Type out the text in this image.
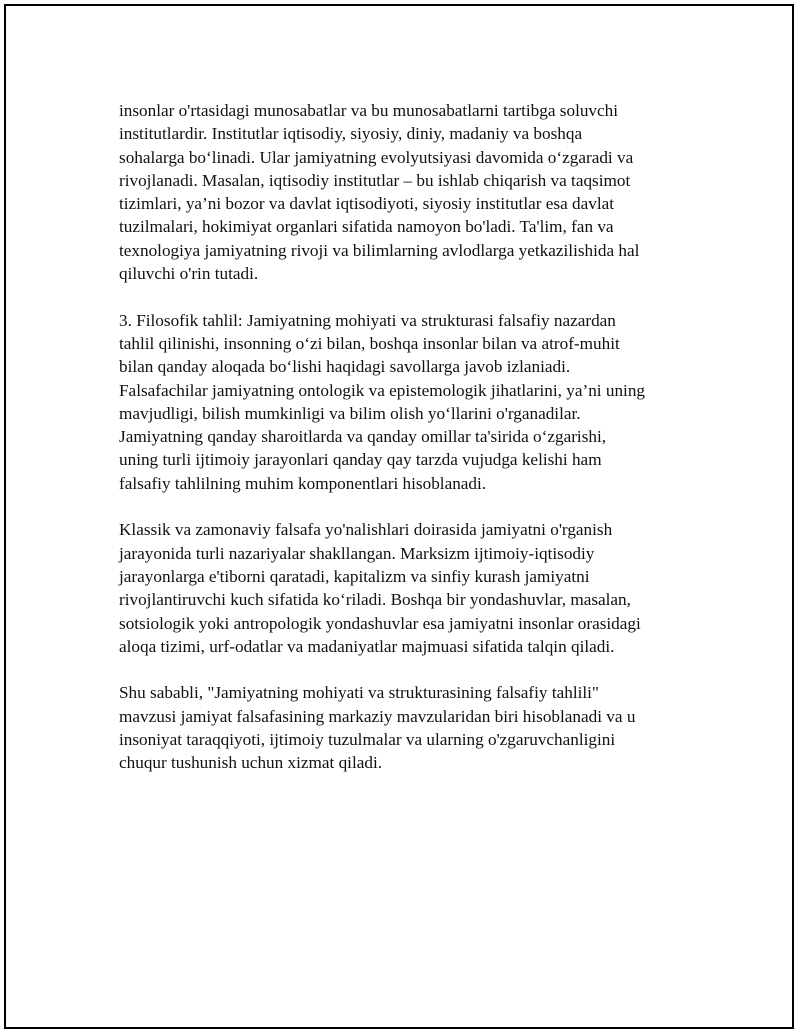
insonlar o'rtasidagi munosabatlar va bu munosabatlarni tartibga soluvchi
institutlardir. Institutlar iqtisodiy, siyosiy, diniy, madaniy va boshqa
sohalarga bo‘linadi. Ular jamiyatning evolyutsiyasi davomida o‘zgaradi va
rivojlanadi. Masalan, iqtisodiy institutlar – bu ishlab chiqarish va taqsimot
tizimlari, ya’ni bozor va davlat iqtisodiyoti, siyosiy institutlar esa davlat
tuzilmalari, hokimiyat organlari sifatida namoyon bo'ladi. Ta'lim, fan va
texnologiya jamiyatning rivoji va bilimlarning avlodlarga yetkazilishida hal
qiluvchi o'rin tutadi.

3. Filosofik tahlil: Jamiyatning mohiyati va strukturasi falsafiy nazardan
tahlil qilinishi, insonning o‘zi bilan, boshqa insonlar bilan va atrof-muhit
bilan qanday aloqada bo‘lishi haqidagi savollarga javob izlaniadi.
Falsafachilar jamiyatning ontologik va epistemologik jihatlarini, ya’ni uning
mavjudligi, bilish mumkinligi va bilim olish yo‘llarini o'rganadilar.
Jamiyatning qanday sharoitlarda va qanday omillar ta'sirida o‘zgarishi,
uning turli ijtimoiy jarayonlari qanday qay tarzda vujudga kelishi ham
falsafiy tahlilning muhim komponentlari hisoblanadi.

Klassik va zamonaviy falsafa yo'nalishlari doirasida jamiyatni o'rganish
jarayonida turli nazariyalar shakllangan. Marksizm ijtimoiy-iqtisodiy
jarayonlarga e'tiborni qaratadi, kapitalizm va sinfiy kurash jamiyatni
rivojlantiruvchi kuch sifatida ko‘riladi. Boshqa bir yondashuvlar, masalan,
sotsiologik yoki antropologik yondashuvlar esa jamiyatni insonlar orasidagi
aloqa tizimi, urf-odatlar va madaniyatlar majmuasi sifatida talqin qiladi.

Shu sababli, "Jamiyatning mohiyati va strukturasining falsafiy tahlili"
mavzusi jamiyat falsafasining markaziy mavzularidan biri hisoblanadi va u
insoniyat taraqqiyoti, ijtimoiy tuzulmalar va ularning o'zgaruvchanligini
chuqur tushunish uchun xizmat qiladi.
